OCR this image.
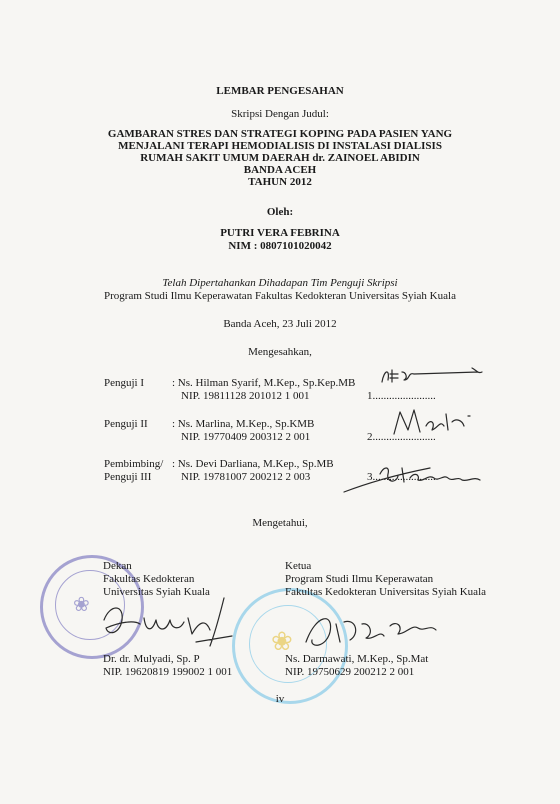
LEMBAR PENGESAHAN
Skripsi Dengan Judul:
GAMBARAN STRES DAN STRATEGI KOPING PADA PASIEN YANG
MENJALANI TERAPI HEMODIALISIS DI INSTALASI DIALISIS
RUMAH SAKIT UMUM DAERAH dr. ZAINOEL ABIDIN
BANDA ACEH
TAHUN 2012
Oleh:
PUTRI VERA FEBRINA
NIM : 0807101020042
Telah Dipertahankan Dihadapan Tim Penguji Skripsi
Program Studi Ilmu Keperawatan Fakultas Kedokteran Universitas Syiah Kuala
Banda Aceh, 23 Juli 2012
Mengesahkan,
Penguji I	: Ns. Hilman Syarif, M.Kep., Sp.Kep.MB
NIP. 19811128 201012 1 001	1.......................
Penguji II : Ns. Marlina, M.Kep., Sp.KMB
NIP. 19770409 200312 2 001	2.......................
Pembimbing/
Penguji III
: Ns. Devi Darliana, M.Kep., Sp.MB
NIP. 19781007 200212 2 003	3.......................
Mengetahui,
❀
❀
Dekan
Fakultas Kedokteran
Universitas Syiah Kuala
Dr. dr. Mulyadi, Sp. P
NIP. 19620819 199002 1 001
Ketua
Program Studi Ilmu Keperawatan
Fakultas Kedokteran Universitas Syiah Kuala
Ns. Darmawati, M.Kep., Sp.Mat
NIP. 19750629 200212 2 001
iv
